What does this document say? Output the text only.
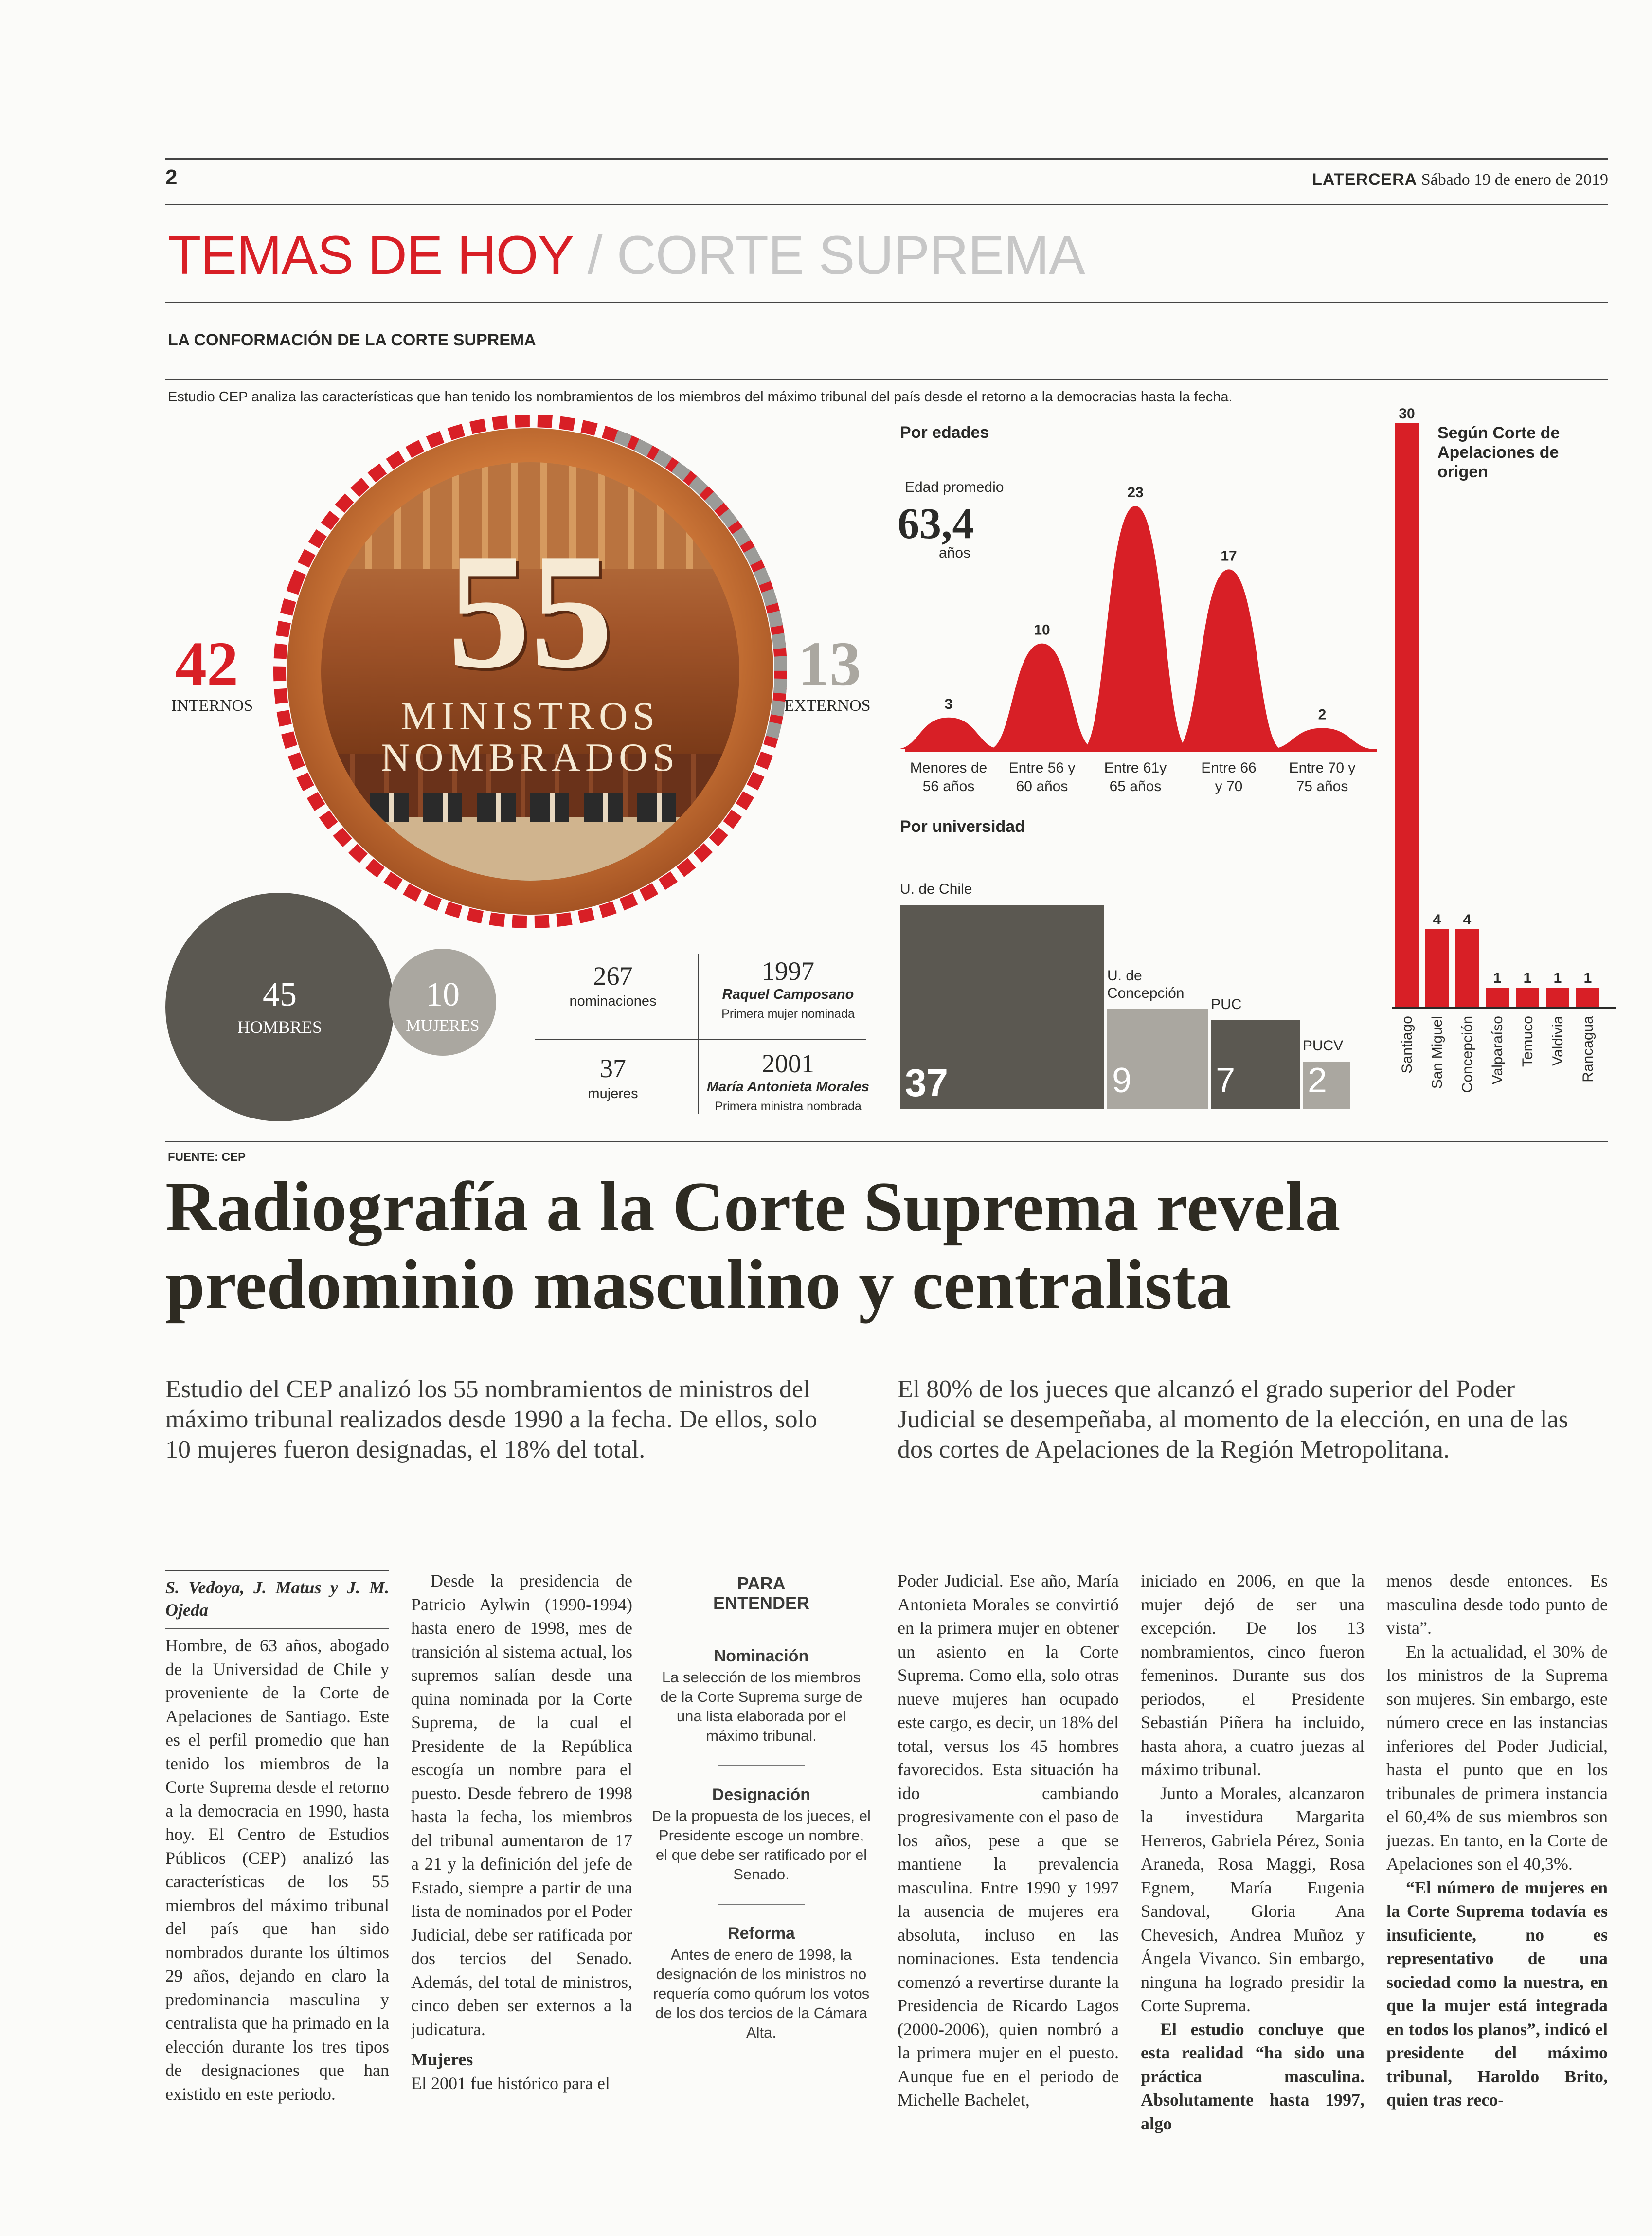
2	LATERCERA Sábado 19 de enero de 2019
TEMAS DE HOY / CORTE SUPREMA
LA CONFORMACIÓN DE LA CORTE SUPREMA
Estudio CEP analiza las características que han tenido los nombramientos de los miembros del máximo tribunal del país desde el retorno a la democracias hasta la fecha.
55
MINISTROS
NOMBRADOS
42
INTERNOS
13
EXTERNOS
45
HOMBRES
10
MUJERES
267
nominaciones
37
mujeres
1997
Raquel Camposano
Primera mujer nominada
2001
María Antonieta Morales
Primera ministra nombrada
Por edades
Edad promedio
63,4
años
3
10
23
17
2
Por universidad
37
U. de Chile
9
U. de Concepción
7
PUC
2
PUCV
Según Corte de Apelaciones de origen
30
Santiago
4
San Miguel
4
Concepción
1
Valparaíso
1
Temuco
1
Valdivia
1
Rancagua
FUENTE: CEP
Radiografía a la Corte Suprema revela
predominio masculino y centralista
Estudio del CEP analizó los 55 nombramientos de ministros del máximo tribunal realizados desde 1990 a la fecha. De ellos, solo 10 mujeres fueron designadas, el 18% del total.
El 80% de los jueces que alcanzó el grado superior del Poder Judicial se desempeñaba, al momento de la elección, en una de las dos cortes de Apelaciones de la Región Metropolitana.

S. Vedoya, J. Matus y J. M. Ojeda

Hombre, de 63 años, abogado de la Universidad de Chile y proveniente de la Corte de Apelaciones de Santiago. Este es el perfil promedio que han tenido los miembros de la Corte Suprema desde el retorno a la democracia en 1990, hasta hoy. El Centro de Estudios Públicos (CEP) analizó las características de los 55 miembros del máximo tribunal del país que han sido nombrados durante los últimos 29 años, dejando en claro la predominancia masculina y centralista que ha primado en la elección durante los tres tipos de designaciones que han existido en este periodo.

Desde la presidencia de Patricio Aylwin (1990-1994) hasta enero de 1998, mes de transición al sistema actual, los supremos salían desde una quina nominada por la Corte Suprema, de la cual el Presidente de la República escogía un nombre para el puesto. Desde febrero de 1998 hasta la fecha, los miembros del tribunal aumentaron de 17 a 21 y la definición del jefe de Estado, siempre a partir de una lista de nominados por el Poder Judicial, debe ser ratificada por dos tercios del Senado. Además, del total de ministros, cinco deben ser externos a la judicatura.

Mujeres

El 2001 fue histórico para el

PARA
ENTENDER
Nominación

La selección de los miembros de la Corte Suprema surge de una lista elaborada por el máximo tribunal.

Designación

De la propuesta de los jueces, el Presidente escoge un nombre, el que debe ser ratificado por el Senado.

Reforma

Antes de enero de 1998, la designación de los ministros no requería como quórum los votos de los dos tercios de la Cámara Alta.

Poder Judicial. Ese año, María Antonieta Morales se convirtió en la primera mujer en obtener un asiento en la Corte Suprema. Como ella, solo otras nueve mujeres han ocupado este cargo, es decir, un 18% del total, versus los 45 hombres favorecidos. Esta situación ha ido cambiando progresivamente con el paso de los años, pese a que se mantiene la prevalencia masculina. Entre 1990 y 1997 la ausencia de mujeres era absoluta, incluso en las nominaciones. Esta tendencia comenzó a revertirse durante la Presidencia de Ricardo Lagos (2000-2006), quien nombró a la primera mujer en el puesto. Aunque fue en el periodo de Michelle Bachelet,

iniciado en 2006, en que la mujer dejó de ser una excepción. De los 13 nombramientos, cinco fueron femeninos. Durante sus dos periodos, el Presidente Sebastián Piñera ha incluido, hasta ahora, a cuatro juezas al máximo tribunal.

Junto a Morales, alcanzaron la investidura Margarita Herreros, Gabriela Pérez, Sonia Araneda, Rosa Maggi, Rosa Egnem, María Eugenia Sandoval, Gloria Ana Chevesich, Andrea Muñoz y Ángela Vivanco. Sin embargo, ninguna ha logrado presidir la Corte Suprema.

El estudio concluye que esta realidad “ha sido una práctica masculina. Absolutamente hasta 1997, algo

menos desde entonces. Es masculina desde todo punto de vista”.

En la actualidad, el 30% de los ministros de la Suprema son mujeres. Sin embargo, este número crece en las instancias inferiores del Poder Judicial, hasta el punto que en los tribunales de primera instancia el 60,4% de sus miembros son juezas. En tanto, en la Corte de Apelaciones son el 40,3%.

“El número de mujeres en la Corte Suprema todavía es insuficiente, no es representativo de una sociedad como la nuestra, en que la mujer está integrada en todos los planos”, indicó el presidente del máximo tribunal, Haroldo Brito, quien tras reco-

Menores de
56 años
Entre 56 y
60 años
Entre 61y
65 años
Entre 66
y 70
Entre 70 y
75 años
